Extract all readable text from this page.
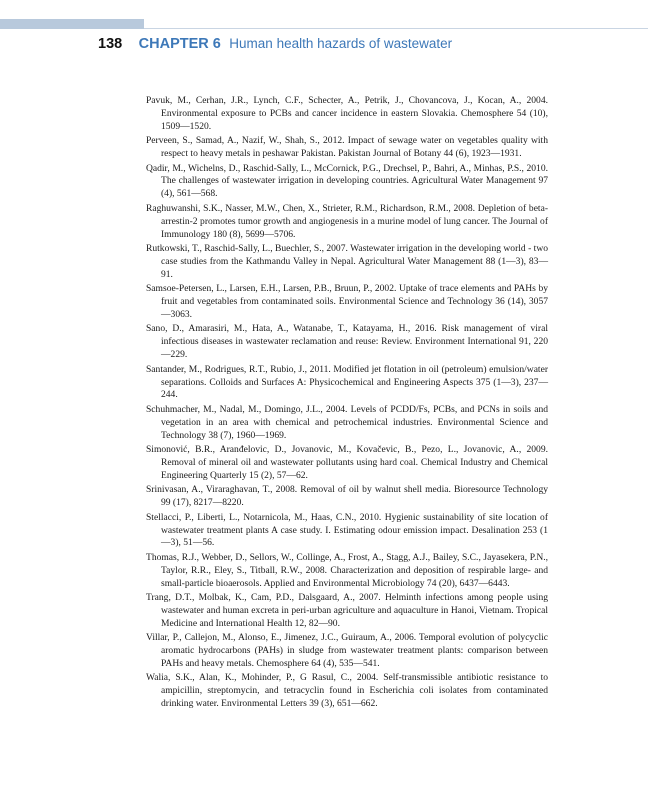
138 CHAPTER 6 Human health hazards of wastewater

Pavuk, M., Cerhan, J.R., Lynch, C.F., Schecter, A., Petrik, J., Chovancova, J., Kocan, A., 2004. Environmental exposure to PCBs and cancer incidence in eastern Slovakia. Chemosphere 54 (10), 1509—1520.

Perveen, S., Samad, A., Nazif, W., Shah, S., 2012. Impact of sewage water on vegetables quality with respect to heavy metals in peshawar Pakistan. Pakistan Journal of Botany 44 (6), 1923—1931.

Qadir, M., Wichelns, D., Raschid-Sally, L., McCornick, P.G., Drechsel, P., Bahri, A., Minhas, P.S., 2010. The challenges of wastewater irrigation in developing countries. Agricultural Water Management 97 (4), 561—568.

Raghuwanshi, S.K., Nasser, M.W., Chen, X., Strieter, R.M., Richardson, R.M., 2008. Depletion of beta-arrestin-2 promotes tumor growth and angiogenesis in a murine model of lung cancer. The Journal of Immunology 180 (8), 5699—5706.

Rutkowski, T., Raschid-Sally, L., Buechler, S., 2007. Wastewater irrigation in the developing world - two case studies from the Kathmandu Valley in Nepal. Agricultural Water Management 88 (1—3), 83—91.

Samsoe-Petersen, L., Larsen, E.H., Larsen, P.B., Bruun, P., 2002. Uptake of trace elements and PAHs by fruit and vegetables from contaminated soils. Environmental Science and Technology 36 (14), 3057—3063.

Sano, D., Amarasiri, M., Hata, A., Watanabe, T., Katayama, H., 2016. Risk management of viral infectious diseases in wastewater reclamation and reuse: Review. Environment International 91, 220—229.

Santander, M., Rodrigues, R.T., Rubio, J., 2011. Modified jet flotation in oil (petroleum) emulsion/water separations. Colloids and Surfaces A: Physicochemical and Engineering Aspects 375 (1—3), 237—244.

Schuhmacher, M., Nadal, M., Domingo, J.L., 2004. Levels of PCDD/Fs, PCBs, and PCNs in soils and vegetation in an area with chemical and petrochemical industries. Environmental Science and Technology 38 (7), 1960—1969.

Simonović, B.R., Aranđelovic, D., Jovanovic, M., Kovačevic, B., Pezo, L., Jovanovic, A., 2009. Removal of mineral oil and wastewater pollutants using hard coal. Chemical Industry and Chemical Engineering Quarterly 15 (2), 57—62.

Srinivasan, A., Viraraghavan, T., 2008. Removal of oil by walnut shell media. Bioresource Technology 99 (17), 8217—8220.

Stellacci, P., Liberti, L., Notarnicola, M., Haas, C.N., 2010. Hygienic sustainability of site location of wastewater treatment plants A case study. I. Estimating odour emission impact. Desalination 253 (1—3), 51—56.

Thomas, R.J., Webber, D., Sellors, W., Collinge, A., Frost, A., Stagg, A.J., Bailey, S.C., Jayasekera, P.N., Taylor, R.R., Eley, S., Titball, R.W., 2008. Characterization and deposition of respirable large- and small-particle bioaerosols. Applied and Environmental Microbiology 74 (20), 6437—6443.

Trang, D.T., Molbak, K., Cam, P.D., Dalsgaard, A., 2007. Helminth infections among people using wastewater and human excreta in peri-urban agriculture and aquaculture in Hanoi, Vietnam. Tropical Medicine and International Health 12, 82—90.

Villar, P., Callejon, M., Alonso, E., Jimenez, J.C., Guiraum, A., 2006. Temporal evolution of polycyclic aromatic hydrocarbons (PAHs) in sludge from wastewater treatment plants: comparison between PAHs and heavy metals. Chemosphere 64 (4), 535—541.

Walia, S.K., Alan, K., Mohinder, P., G Rasul, C., 2004. Self-transmissible antibiotic resistance to ampicillin, streptomycin, and tetracyclin found in Escherichia coli isolates from contaminated drinking water. Environmental Letters 39 (3), 651—662.
